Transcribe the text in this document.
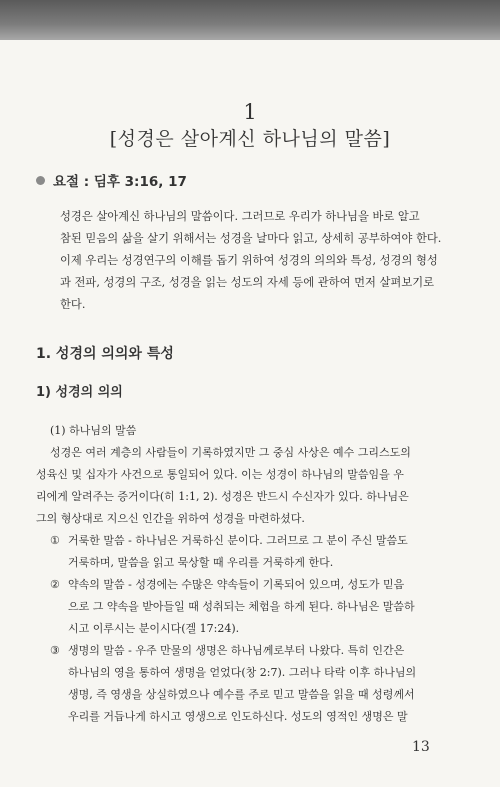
1
[성경은 살아계신 하나님의 말씀]
요절 : 딤후 3:16, 17
성경은 살아계신 하나님의 말씀이다. 그러므로 우리가 하나님을 바로 알고
참된 믿음의 삶을 살기 위해서는 성경을 날마다 읽고, 상세히 공부하여야 한다.
이제 우리는 성경연구의 이해를 돕기 위하여 성경의 의의와 특성, 성경의 형성
과 전파, 성경의 구조, 성경을 읽는 성도의 자세 등에 관하여 먼저 살펴보기로
한다.
1. 성경의 의의와 특성
1) 성경의 의의
(1) 하나님의 말씀
성경은 여러 계층의 사람들이 기록하였지만 그 중심 사상은 예수 그리스도의
성육신 및 십자가 사건으로 통일되어 있다. 이는 성경이 하나님의 말씀임을 우
리에게 알려주는 증거이다(히 1:1, 2). 성경은 반드시 수신자가 있다. 하나님은
그의 형상대로 지으신 인간을 위하여 성경을 마련하셨다.
① 거룩한 말씀 - 하나님은 거룩하신 분이다. 그러므로 그 분이 주신 말씀도
거룩하며, 말씀을 읽고 묵상할 때 우리를 거룩하게 한다.
② 약속의 말씀 - 성경에는 수많은 약속들이 기록되어 있으며, 성도가 믿음
으로 그 약속을 받아들일 때 성취되는 체험을 하게 된다. 하나님은 말씀하
시고 이루시는 분이시다(겔 17:24).
③ 생명의 말씀 - 우주 만물의 생명은 하나님께로부터 나왔다. 특히 인간은
하나님의 영을 통하여 생명을 얻었다(창 2:7). 그러나 타락 이후 하나님의
생명, 즉 영생을 상실하였으나 예수를 주로 믿고 말씀을 읽을 때 성령께서
우리를 거듭나게 하시고 영생으로 인도하신다. 성도의 영적인 생명은 말
13
